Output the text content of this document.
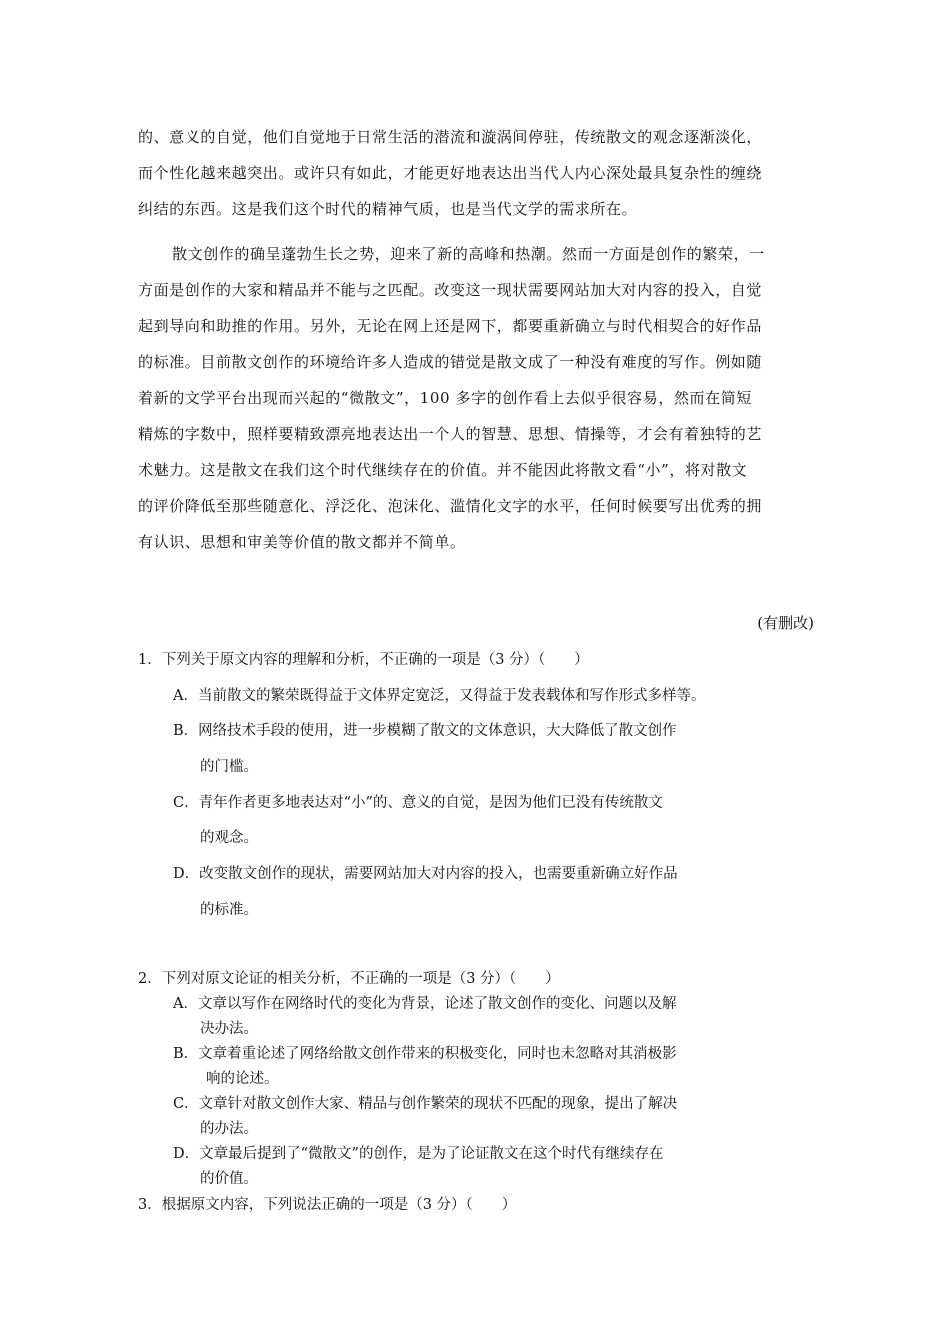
的、意义的自觉，他们自觉地于日常生活的潜流和漩涡间停驻，传统散文的观念逐渐淡化，
而个性化越来越突出。或许只有如此，才能更好地表达出当代人内心深处最具复杂性的缠绕
纠结的东西。这是我们这个时代的精神气质，也是当代文学的需求所在。
散文创作的确呈蓬勃生长之势，迎来了新的高峰和热潮。然而一方面是创作的繁荣，一
方面是创作的大家和精品并不能与之匹配。改变这一现状需要网站加大对内容的投入，自觉
起到导向和助推的作用。另外，无论在网上还是网下，都要重新确立与时代相契合的好作品
的标准。目前散文创作的环境给许多人造成的错觉是散文成了一种没有难度的写作。例如随
着新的文学平台出现而兴起的“微散文”，100 多字的创作看上去似乎很容易，然而在简短
精炼的字数中，照样要精致漂亮地表达出一个人的智慧、思想、情操等，才会有着独特的艺
术魅力。这是散文在我们这个时代继续存在的价值。并不能因此将散文看“小”，将对散文
的评价降低至那些随意化、浮泛化、泡沫化、滥情化文字的水平，任何时候要写出优秀的拥
有认识、思想和审美等价值的散文都并不简单。
(有删改)
1．下列关于原文内容的理解和分析，不正确的一项是（3 分）（　　）
A．当前散文的繁荣既得益于文体界定宽泛，又得益于发表载体和写作形式多样等。
B．网络技术手段的使用，进一步模糊了散文的文体意识，大大降低了散文创作
的门槛。
C．青年作者更多地表达对“小”的、意义的自觉，是因为他们已没有传统散文
的观念。
D．改变散文创作的现状，需要网站加大对内容的投入，也需要重新确立好作品
的标准。
2．下列对原文论证的相关分析，不正确的一项是（3 分）（　　）
A．文章以写作在网络时代的变化为背景，论述了散文创作的变化、问题以及解
决办法。
B．文章着重论述了网络给散文创作带来的积极变化，同时也未忽略对其消极影
响的论述。
C．文章针对散文创作大家、精品与创作繁荣的现状不匹配的现象，提出了解决
的办法。
D．文章最后提到了“微散文”的创作，是为了论证散文在这个时代有继续存在
的价值。
3．根据原文内容，下列说法正确的一项是（3 分）（　　）
